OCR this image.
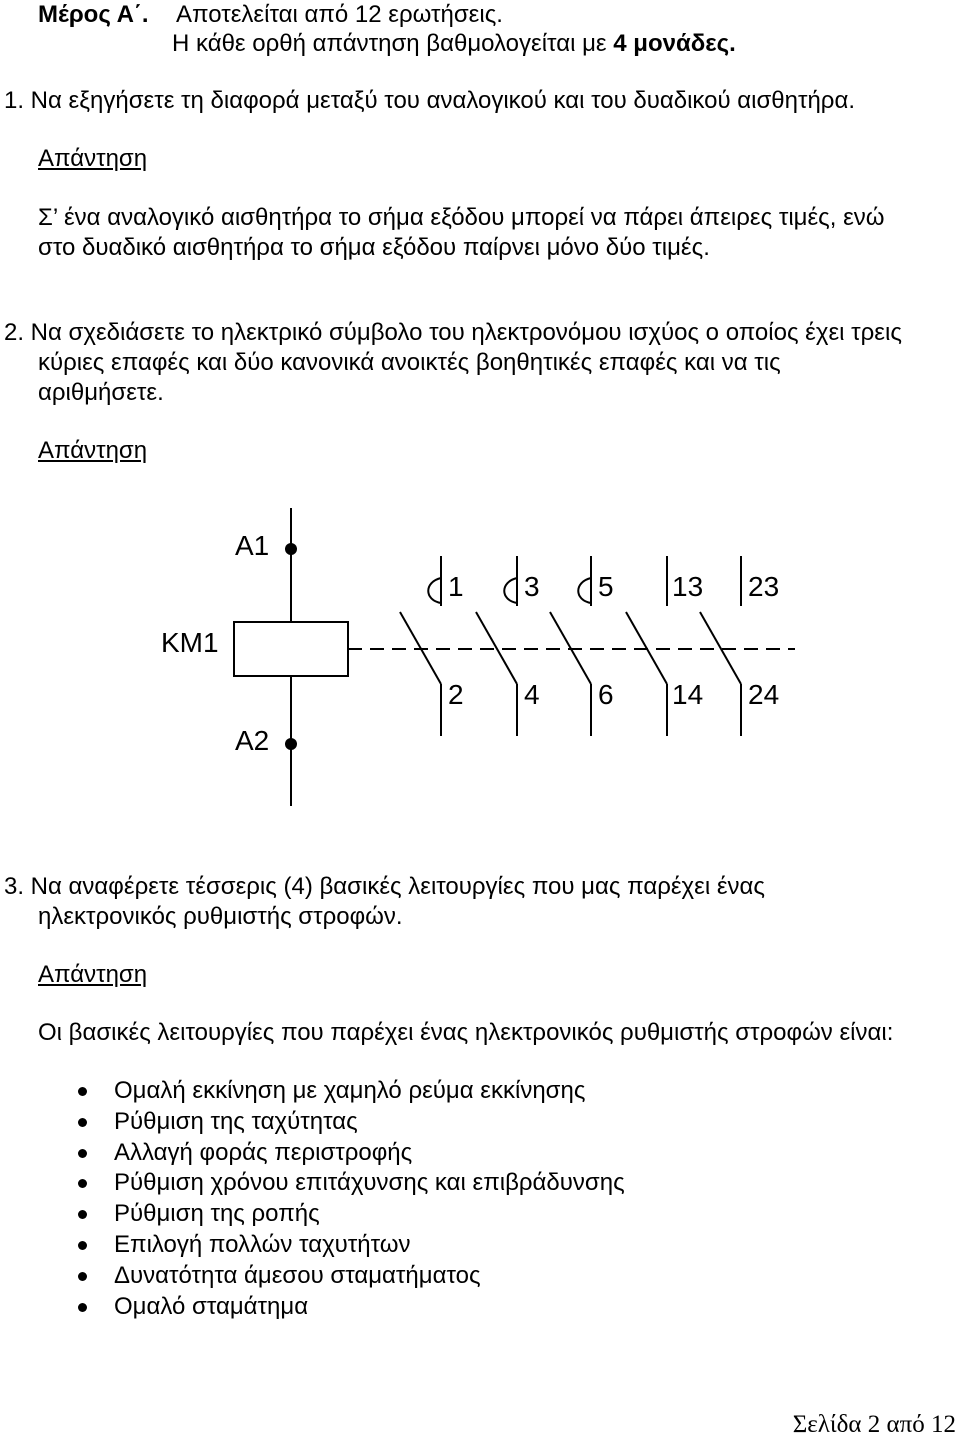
Μέρος Α΄. Αποτελείται από 12 ερωτήσεις.
Η κάθε ορθή απάντηση βαθμολογείται με 4 μονάδες.
1. Να εξηγήσετε τη διαφορά μεταξύ του αναλογικού και του δυαδικού αισθητήρα.
Απάντηση
Σ’ ένα αναλογικό αισθητήρα το σήμα εξόδου μπορεί να πάρει άπειρες τιμές, ενώ
στο δυαδικό αισθητήρα το σήμα εξόδου παίρνει μόνο δύο τιμές.
2. Να σχεδιάσετε το ηλεκτρικό σύμβολο του ηλεκτρονόμου ισχύος ο οποίος έχει τρεις
κύριες επαφές και δύο κανονικά ανοικτές βοηθητικές επαφές και να τις
αριθμήσετε.
Απάντηση
A1
KM1
A2
1 3 5 13 23
2 4 6 14 24
3. Να αναφέρετε τέσσερις (4) βασικές λειτουργίες που μας παρέχει ένας
ηλεκτρονικός ρυθμιστής στροφών.
Απάντηση
Οι βασικές λειτουργίες που παρέχει ένας ηλεκτρονικός ρυθμιστής στροφών είναι:
Ομαλή εκκίνηση με χαμηλό ρεύμα εκκίνησης
Ρύθμιση της ταχύτητας
Αλλαγή φοράς περιστροφής
Ρύθμιση χρόνου επιτάχυνσης και επιβράδυνσης
Ρύθμιση της ροπής
Επιλογή πολλών ταχυτήτων
Δυνατότητα άμεσου σταματήματος
Ομαλό σταμάτημα
Σελίδα 2 από 12
